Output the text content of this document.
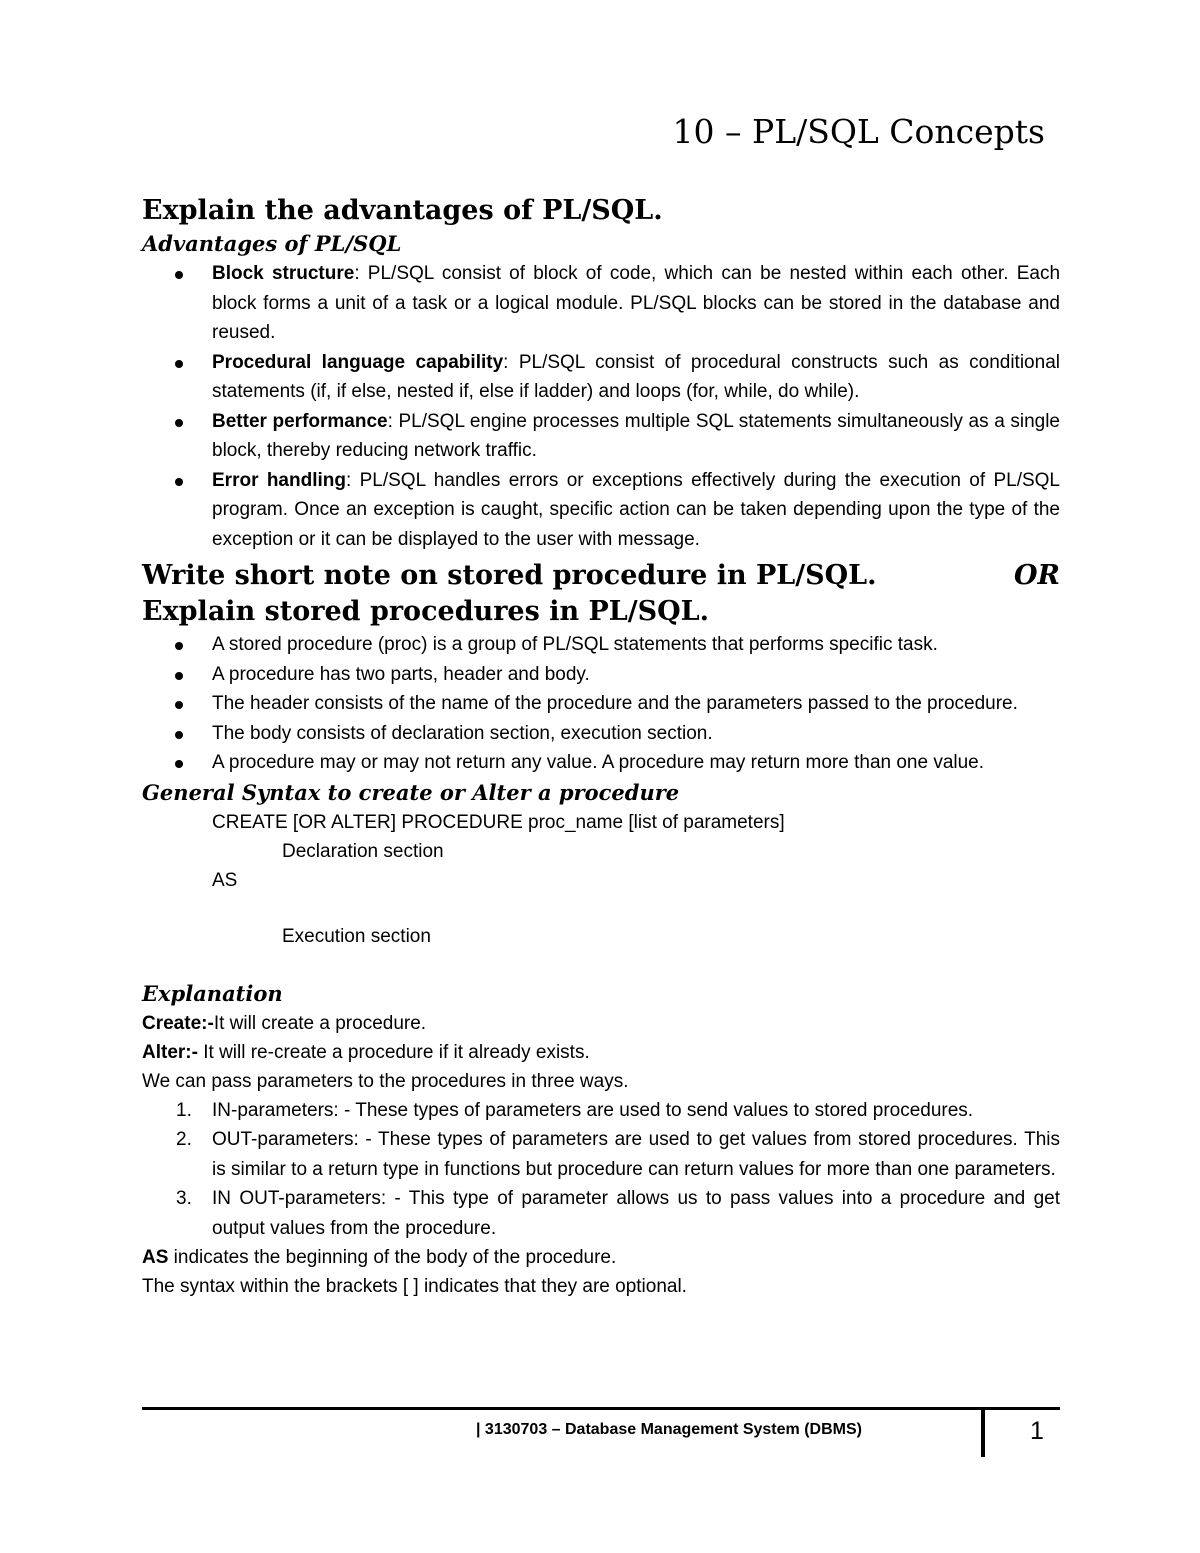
10 – PL/SQL Concepts
Explain the advantages of PL/SQL.
Advantages of PL/SQL
Block structure: PL/SQL consist of block of code, which can be nested within each other. Each block forms a unit of a task or a logical module. PL/SQL blocks can be stored in the database and reused.
Procedural language capability: PL/SQL consist of procedural constructs such as conditional statements (if, if else, nested if, else if ladder) and loops (for, while, do while).
Better performance: PL/SQL engine processes multiple SQL statements simultaneously as a single block, thereby reducing network traffic.
Error handling: PL/SQL handles errors or exceptions effectively during the execution of PL/SQL program. Once an exception is caught, specific action can be taken depending upon the type of the exception or it can be displayed to the user with message.
Write short note on stored procedure in PL/SQL.	OR
Explain stored procedures in PL/SQL.
A stored procedure (proc) is a group of PL/SQL statements that performs specific task.
A procedure has two parts, header and body.
The header consists of the name of the procedure and the parameters passed to the procedure.
The body consists of declaration section, execution section.
A procedure may or may not return any value. A procedure may return more than one value.
General Syntax to create or Alter a procedure
CREATE [OR ALTER] PROCEDURE proc_name [list of parameters]
Declaration section
AS
Execution section
Explanation

Create:-It will create a procedure.

Alter:- It will re-create a procedure if it already exists.

We can pass parameters to the procedures in three ways.

1. IN-parameters: - These types of parameters are used to send values to stored procedures.
2. OUT-parameters: - These types of parameters are used to get values from stored procedures. This is similar to a return type in functions but procedure can return values for more than one parameters.
3. IN OUT-parameters: - This type of parameter allows us to pass values into a procedure and get output values from the procedure.

AS indicates the beginning of the body of the procedure.

The syntax within the brackets [ ] indicates that they are optional.

| 3130703 – Database Management System (DBMS)	1
